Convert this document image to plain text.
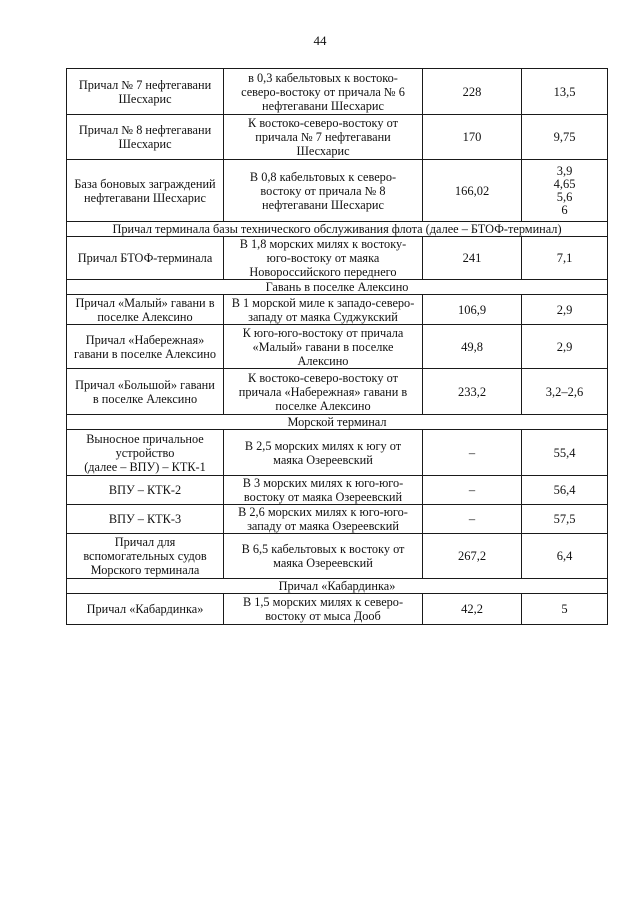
44
Причал № 7 нефтегавани
Шесхарис	в 0,3 кабельтовых к востоко-
северо-востоку от причала № 6
нефтегавани Шесхарис	228	13,5

Причал № 8 нефтегавани
Шесхарис	К востоко-северо-востоку от
причала № 7 нефтегавани
Шесхарис	170	9,75

База боновых заграждений
нефтегавани Шесхарис	В 0,8 кабельтовых к северо-
востоку от причала № 8
нефтегавани Шесхарис	166,02	3,9
4,65
5,6
6

Причал терминала базы технического обслуживания флота (далее – БТОФ-терминал)			

Причал БТОФ-терминала	В 1,8 морских милях к востоку-
юго-востоку от маяка
Новороссийского переднего	241	7,1

Гавань в поселке Алексино			

Причал «Малый» гавани в
поселке Алексино	В 1 морской миле к западо-северо-
западу от маяка Суджукский	106,9	2,9

Причал «Набережная»
гавани в поселке Алексино	К юго-юго-востоку от причала
«Малый» гавани в поселке
Алексино	49,8	2,9

Причал «Большой» гавани
в поселке Алексино	К востоко-северо-востоку от
причала «Набережная» гавани в
поселке Алексино	233,2	3,2–2,6

Морской терминал			

Выносное причальное
устройство
(далее – ВПУ) – КТК-1	В 2,5 морских милях к югу от
маяка Озереевский	–	55,4

ВПУ – КТК-2	В 3 морских милях к юго-юго-
востоку от маяка Озереевский	–	56,4

ВПУ – КТК-3	В 2,6 морских милях к юго-юго-
западу от маяка Озереевский	–	57,5

Причал для
вспомогательных судов
Морского терминала	В 6,5 кабельтовых к востоку от
маяка Озереевский	267,2	6,4

Причал «Кабардинка»			

Причал «Кабардинка»	В 1,5 морских милях к северо-
востоку от мыса Дооб	42,2	5
